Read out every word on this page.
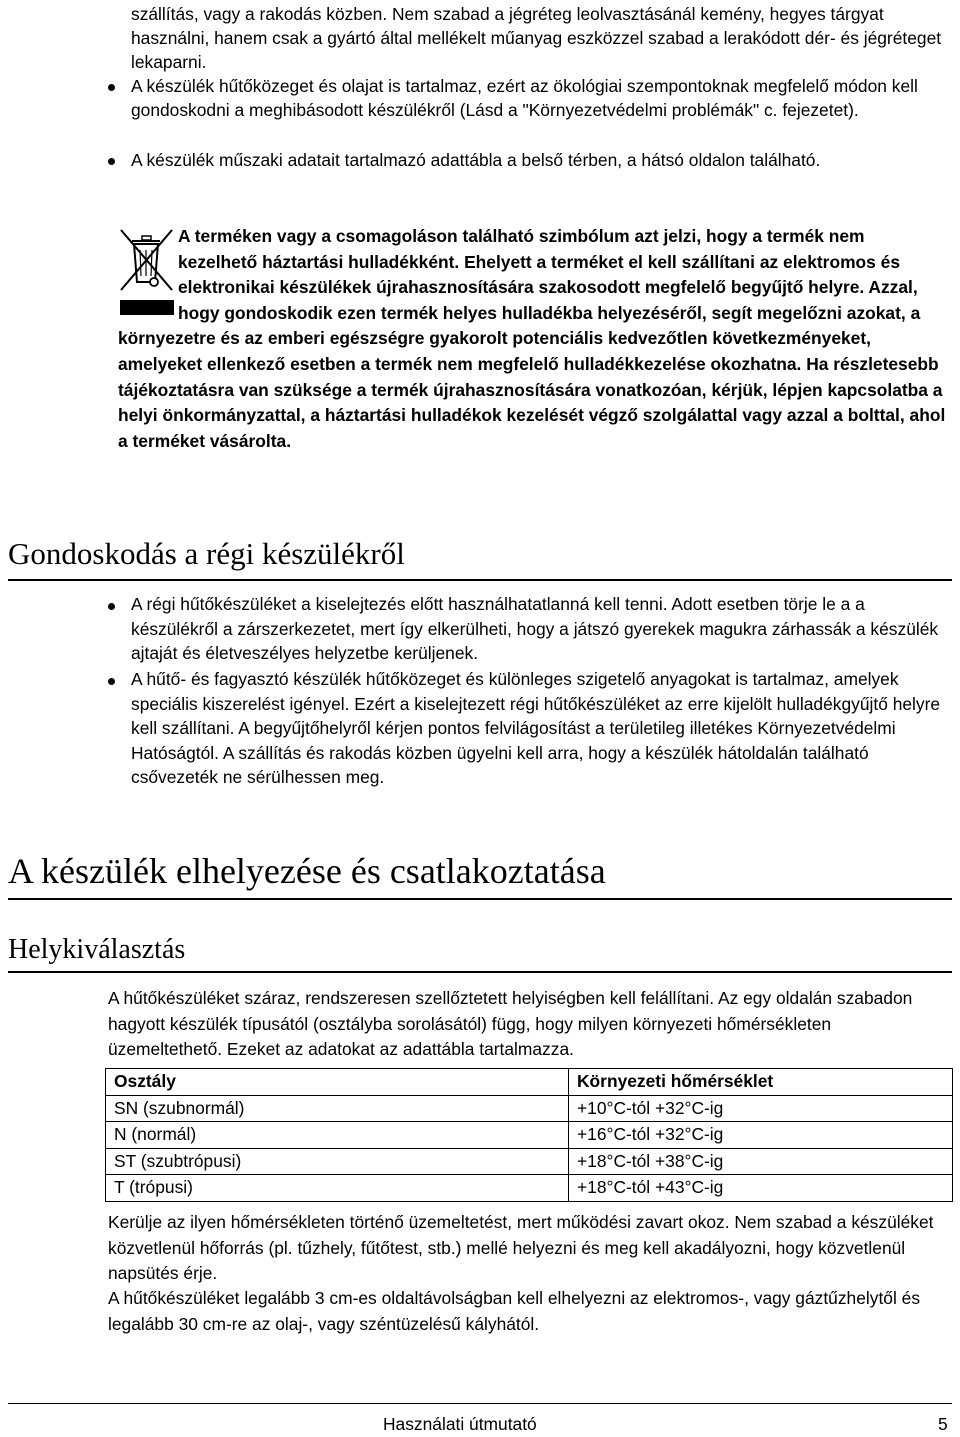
szállítás, vagy a rakodás közben. Nem szabad a jégréteg leolvasztásánál kemény, hegyes tárgyat használni, hanem csak a gyártó által mellékelt műanyag eszközzel szabad a lerakódott dér- és jégréteget lekaparni.

A készülék hűtőközeget és olajat is tartalmaz, ezért az ökológiai szempontoknak megfelelő módon kell gondoskodni a meghibásodott készülékről (Lásd a "Környezetvédelmi problémák" c. fejezetet).
A készülék műszaki adatait tartalmazó adattábla a belső térben, a hátsó oldalon található.
A terméken vagy a csomagoláson található szimbólum azt jelzi, hogy a termék nem kezelhető háztartási hulladékként. Ehelyett a terméket el kell szállítani az elektromos és elektronikai készülékek újrahasznosítására szakosodott megfelelő begyűjtő helyre. Azzal, hogy gondoskodik ezen termék helyes hulladékba helyezéséről, segít megelőzni azokat, a környezetre és az emberi egészségre gyakorolt potenciális kedvezőtlen következményeket, amelyeket ellenkező esetben a termék nem megfelelő hulladékkezelése okozhatna. Ha részletesebb tájékoztatásra van szüksége a termék újrahasznosítására vonatkozóan, kérjük, lépjen kapcsolatba a helyi önkormányzattal, a háztartási hulladékok kezelését végző szolgálattal vagy azzal a bolttal, ahol a terméket vásárolta.
Gondoskodás a régi készülékről
A régi hűtőkészüléket a kiselejtezés előtt használhatatlanná kell tenni. Adott esetben törje le a a készülékről a zárszerkezetet, mert így elkerülheti, hogy a játszó gyerekek magukra zárhassák a készülék ajtaját és életveszélyes helyzetbe kerüljenek.
A hűtő- és fagyasztó készülék hűtőközeget és különleges szigetelő anyagokat is tartalmaz, amelyek speciális kiszerelést igényel. Ezért a kiselejtezett régi hűtőkészüléket az erre kijelölt hulladékgyűjtő helyre kell szállítani. A begyűjtőhelyről kérjen pontos felvilágosítást a területileg illetékes Környezetvédelmi Hatóságtól. A szállítás és rakodás közben ügyelni kell arra, hogy a készülék hátoldalán található csővezeték ne sérülhessen meg.
A készülék elhelyezése és csatlakoztatása
Helykiválasztás

A hűtőkészüléket száraz, rendszeresen szellőztetett helyiségben kell felállítani. Az egy oldalán szabadon hagyott készülék típusától (osztályba sorolásától) függ, hogy milyen környezeti hőmérsékleten üzemeltethető. Ezeket az adatokat az adattábla tartalmazza.

Osztály	Környezeti hőmérséklet
SN (szubnormál)	+10°C-tól +32°C-ig
N (normál)	+16°C-tól +32°C-ig
ST (szubtrópusi)	+18°C-tól +38°C-ig
T (trópusi)	+18°C-tól +43°C-ig

Kerülje az ilyen hőmérsékleten történő üzemeltetést, mert működési zavart okoz. Nem szabad a készüléket közvetlenül hőforrás (pl. tűzhely, fűtőtest, stb.) mellé helyezni és meg kell akadályozni, hogy közvetlenül napsütés érje.

A hűtőkészüléket legalább 3 cm-es oldaltávolságban kell elhelyezni az elektromos-, vagy gáztűzhelytől és legalább 30 cm-re az olaj-, vagy széntüzelésű kályhától.

Használati útmutató	5
